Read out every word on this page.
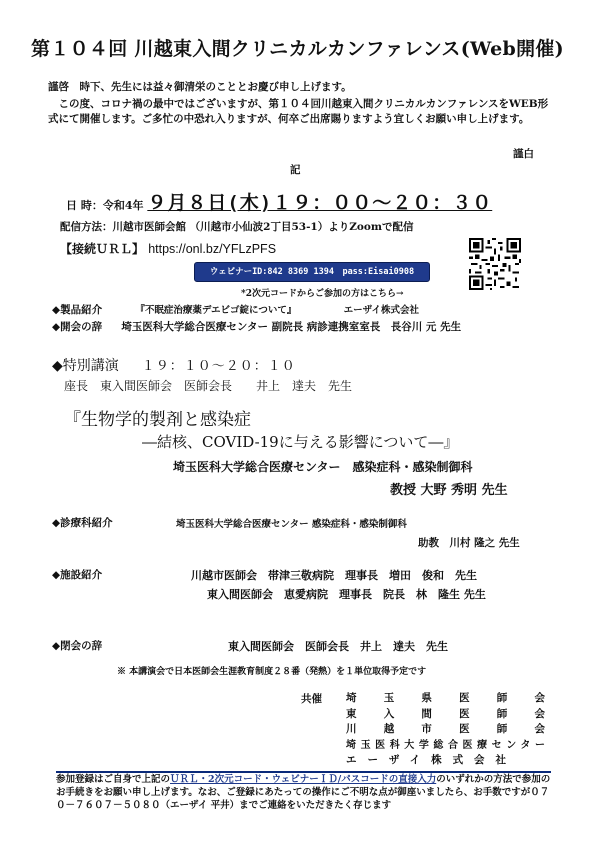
第１０４回 川越東入間クリニカルカンファレンス(Web開催)
謹啓　時下、先生には益々御清栄のこととお慶び申し上げます。

この度、コロナ禍の最中ではございますが、第１０４回川越東入間クリニカルカンファレンスをWEB形式にて開催します。ご多忙の中恐れ入りますが、何卒ご出席賜りますよう宜しくお願い申し上げます。

謹白
記
日 時：令和4年 ９月８日(木)１９：００～２０：３０
配信方法：川越市医師会館 （川越市小仙波2丁目53-1）よりZoomで配信
【接続ＵＲＬ】 https://onl.bz/YFLzPFS
ウェビナーID:842 8369 1394　pass:Eisai0908
*2次元コードからご参加の方はこちら→
◆製品紹介	『不眠症治療薬デエビゴ錠について』	エーザイ株式会社
◆開会の辞 埼玉医科大学総合医療センター 副院長 病診連携室室長　長谷川 元 先生
◆特別講演 １９：１０～２０：１０
座長　東入間医師会　医師会長　　井上　達夫　先生
『生物学的製剤と感染症
―結核、COVID-19に与える影響について―』
埼玉医科大学総合医療センター　感染症科・感染制御科
教授 大野 秀明 先生
◆診療科紹介	埼玉医科大学総合医療センター 感染症科・感染制御科
助教　川村 隆之 先生
◆施設紹介	川越市医師会　帯津三敬病院　理事長　増田　俊和　先生
東入間医師会　恵愛病院　理事長　院長　林　隆生 先生
◆閉会の辞	東入間医師会　医師会長　井上　達夫　先生
※ 本講演会で日本医師会生涯教育制度２８番（発熱）を１単位取得予定です
共催 埼玉県医師会
東入間医師会
川越市医師会
埼玉医科大学総合医療センター
エーザイ株式会社
参加登録はご自身で上記のＵＲＬ・2次元コード・ウェビナーＩＤ/パスコードの直接入力のいずれかの方法で参加のお手続きをお願い申し上げます。なお、ご登録にあたっての操作にご不明な点が御座いましたら、お手数ですが０７０－７６０７－５０８０（エーザイ 平井）までご連絡をいただきたく存じます
